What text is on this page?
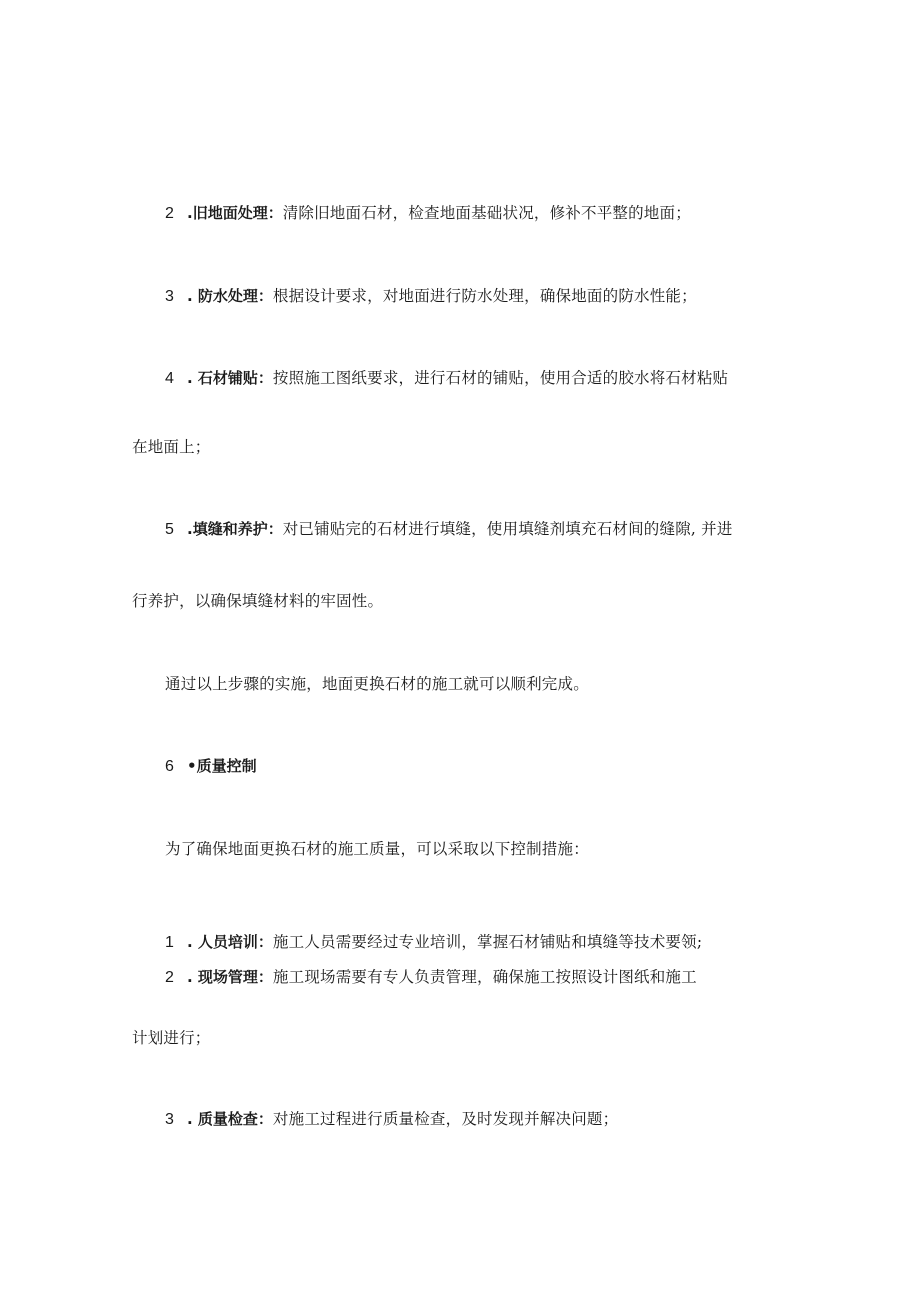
2 .旧地面处理：清除旧地面石材，检查地面基础状况，修补不平整的地面；
3 . 防水处理：根据设计要求，对地面进行防水处理，确保地面的防水性能；
4 . 石材铺贴：按照施工图纸要求，进行石材的铺贴，使用合适的胶水将石材粘贴
在地面上；
5 .填缝和养护：对已铺贴完的石材进行填缝，使用填缝剂填充石材间的缝隙, 并进
行养护，以确保填缝材料的牢固性。
通过以上步骤的实施，地面更换石材的施工就可以顺利完成。
6 •质量控制
为了确保地面更换石材的施工质量，可以采取以下控制措施：
1 . 人员培训：施工人员需要经过专业培训，掌握石材铺贴和填缝等技术要领;
2 . 现场管理：施工现场需要有专人负责管理，确保施工按照设计图纸和施工
计划进行；
3 . 质量检查：对施工过程进行质量检查，及时发现并解决问题；
